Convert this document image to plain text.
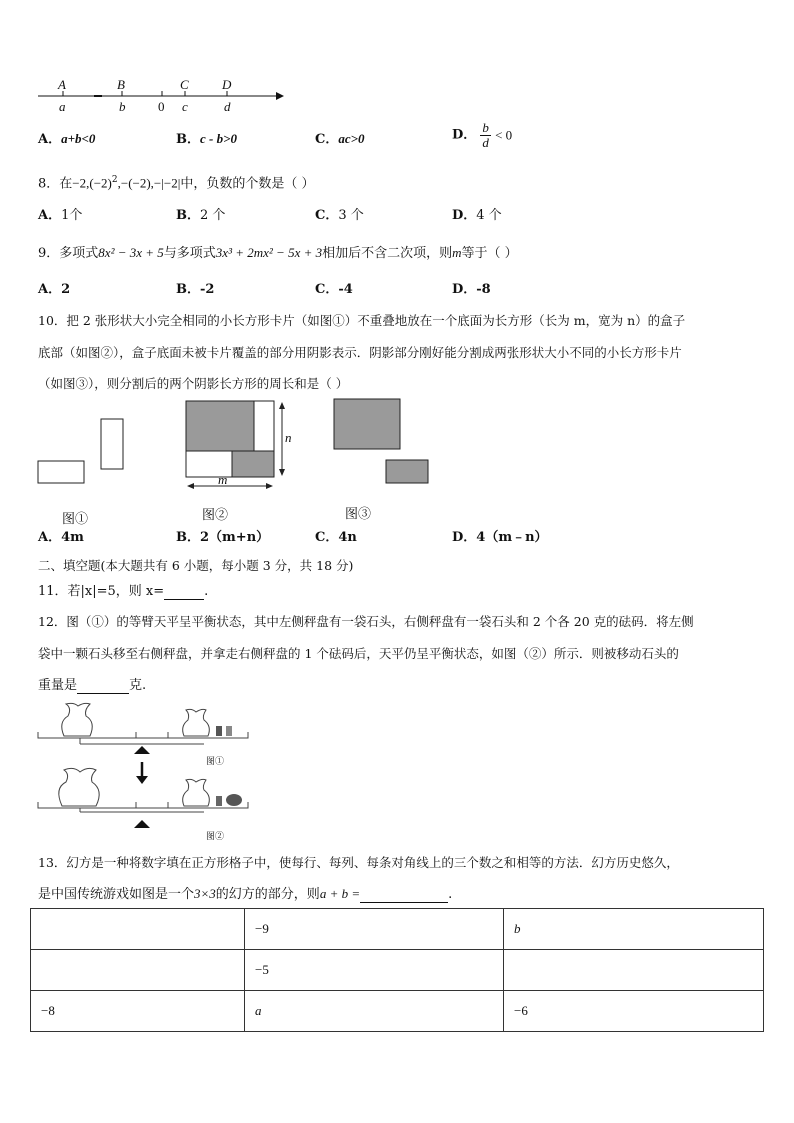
A	B	C	D
a	b	0 c	d
A．a+b<0	B．c - b>0	C．ac>0	D． $\frac{b}{d} < 0$
8．在$-2,(-2)^2,-(-2),-|-2|$中，负数的个数是（ ）
A．1个	B．2 个	C．3 个	D．4 个
9．多项式8x² − 3x + 5与多项式3x³ + 2mx² − 5x + 3相加后不含二次项，则m等于（ ）
A．2	B．-2	C．-4	D．-8
10．把 2 张形状大小完全相同的小长方形卡片（如图①）不重叠地放在一个底面为长方形（长为 m，宽为 n）的盒子
底部（如图②），盒子底面未被卡片覆盖的部分用阴影表示．阴影部分刚好能分割成两张形状大小不同的小长方形卡片
（如图③），则分割后的两个阴影长方形的周长和是（ ）
n
m
图①	图②	图③
A．4m	B．2（m+n）	C．4n	D．4（m﹣n）
二、填空题(本大题共有 6 小题，每小题 3 分，共 18 分)
11．若|x|=5，则 x=	.
12．图（①）的等臂天平呈平衡状态，其中左侧秤盘有一袋石头，右侧秤盘有一袋石头和 2 个各 20 克的砝码．将左侧
袋中一颗石头移至右侧秤盘，并拿走右侧秤盘的 1 个砝码后，天平仍呈平衡状态，如图（②）所示．则被移动石头的
重量是	克.
图①
图②
13．幻方是一种将数字填在正方形格子中，使每行、每列、每条对角线上的三个数之和相等的方法．幻方历史悠久，
是中国传统游戏如图是一个3×3的幻方的部分，则a + b =	.
	−9	b
	−5	
−8	a	−6
